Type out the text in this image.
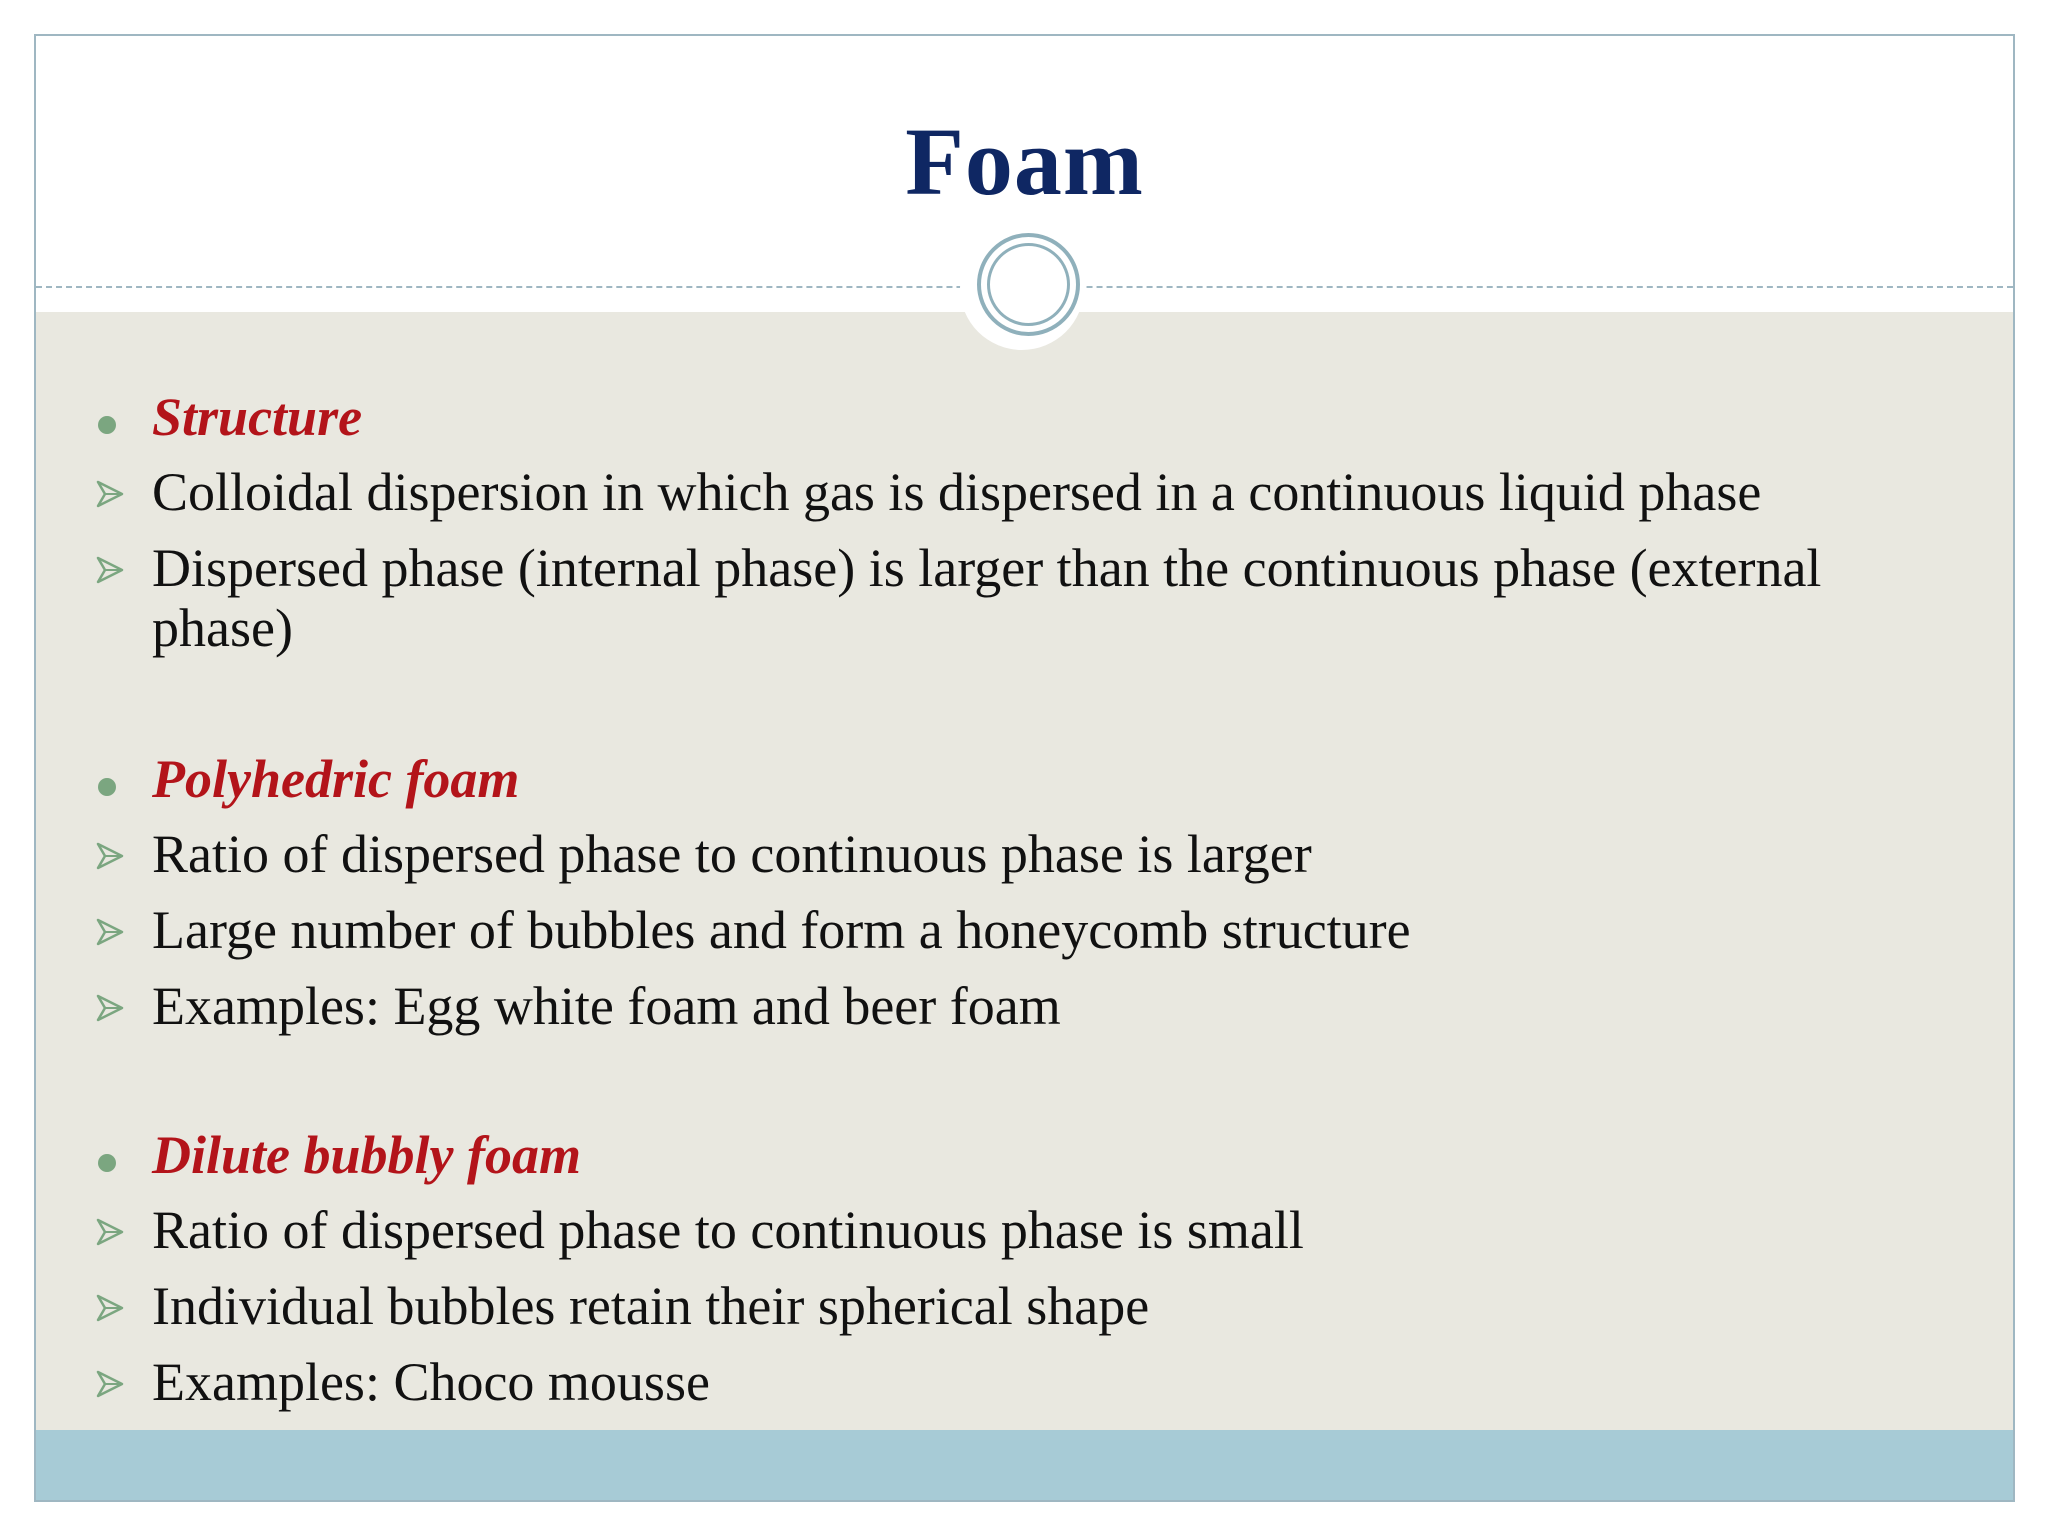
Foam
Structure
Colloidal dispersion in which gas is dispersed in a continuous liquid phase
Dispersed phase (internal phase) is larger than the continuous phase (external phase)
Polyhedric foam
Ratio of dispersed phase to continuous phase is larger
Large number of bubbles and form a honeycomb structure
Examples: Egg white foam and beer foam
Dilute bubbly foam
Ratio of dispersed phase to continuous phase is small
Individual bubbles retain their spherical shape
Examples: Choco mousse
